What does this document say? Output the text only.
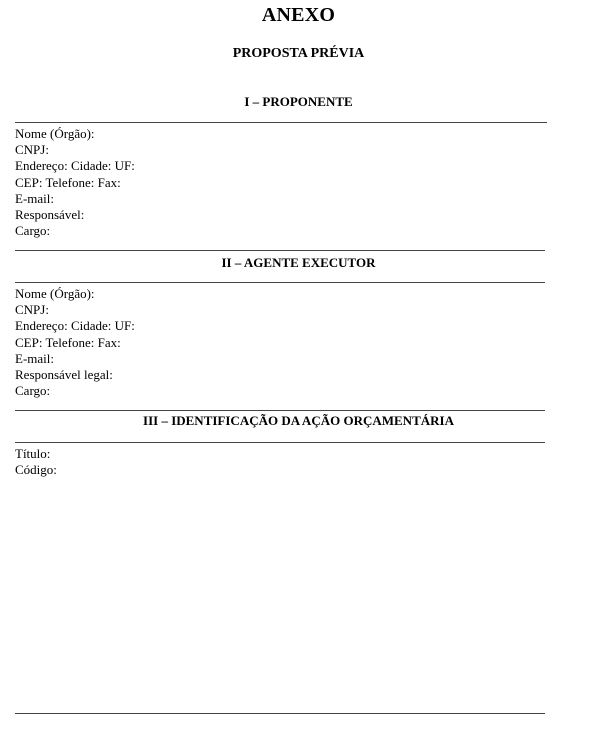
ANEXO
PROPOSTA PRÉVIA
I – PROPONENTE
Nome (Órgão):
CNPJ:
Endereço: Cidade: UF:
CEP: Telefone: Fax:
E-mail:
Responsável:
Cargo:
II – AGENTE EXECUTOR
Nome (Órgão):
CNPJ:
Endereço: Cidade: UF:
CEP: Telefone: Fax:
E-mail:
Responsável legal:
Cargo:
III – IDENTIFICAÇÃO DA AÇÃO ORÇAMENTÁRIA
Título:
Código:
